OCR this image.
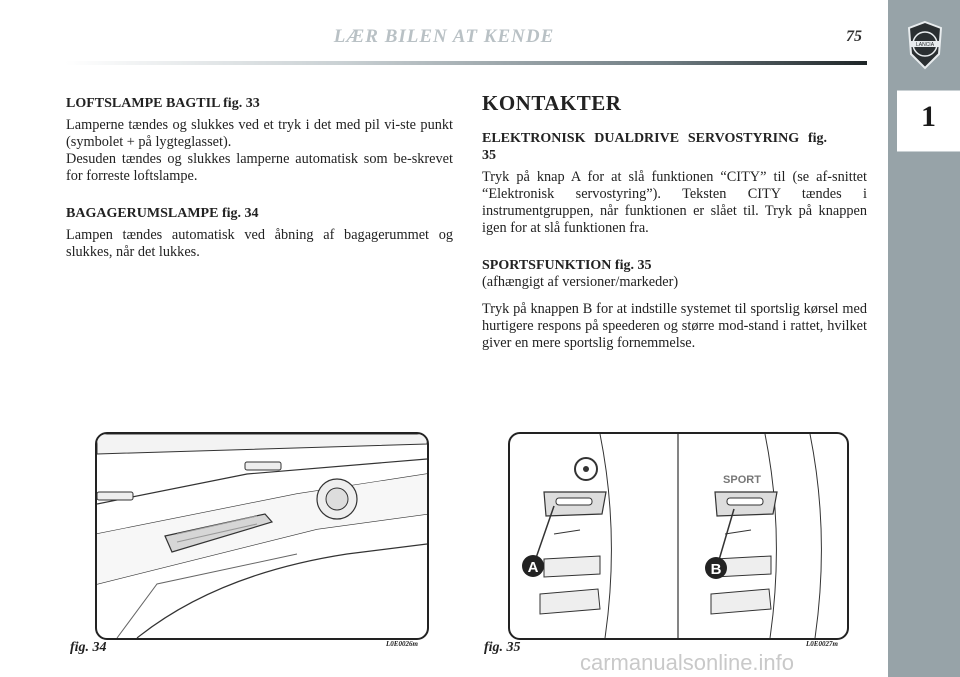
LANCIA
1
LÆR BILEN AT KENDE	75
LOFTSLAMPE BAGTIL fig. 33

Lamperne tændes og slukkes ved et tryk i det med pil vi-ste punkt (symbolet + på lygteglasset).

Desuden tændes og slukkes lamperne automatisk som be-skrevet for forreste loftslampe.

BAGAGERUMSLAMPE fig. 34

Lampen tændes automatisk ved åbning af bagagerummet og slukkes, når det lukkes.

KONTAKTER
ELEKTRONISK DUALDRIVE SERVOSTYRING fig. 35

Tryk på knap A for at slå funktionen “CITY” til (se af-snittet “Elektronisk servostyring”). Teksten CITY tændes i instrumentgruppen, når funktionen er slået til. Tryk på knappen igen for at slå funktionen fra.

SPORTSFUNKTION fig. 35

(afhængigt af versioner/markeder)

Tryk på knappen B for at indstille systemet til sportslig kørsel med hurtigere respons på speederen og større mod-stand i rattet, hvilket giver en mere sportslig fornemmelse.

fig. 34	L0E0026m
A
SPORT
B
fig. 35	L0E0027m
carmanualsonline.info
